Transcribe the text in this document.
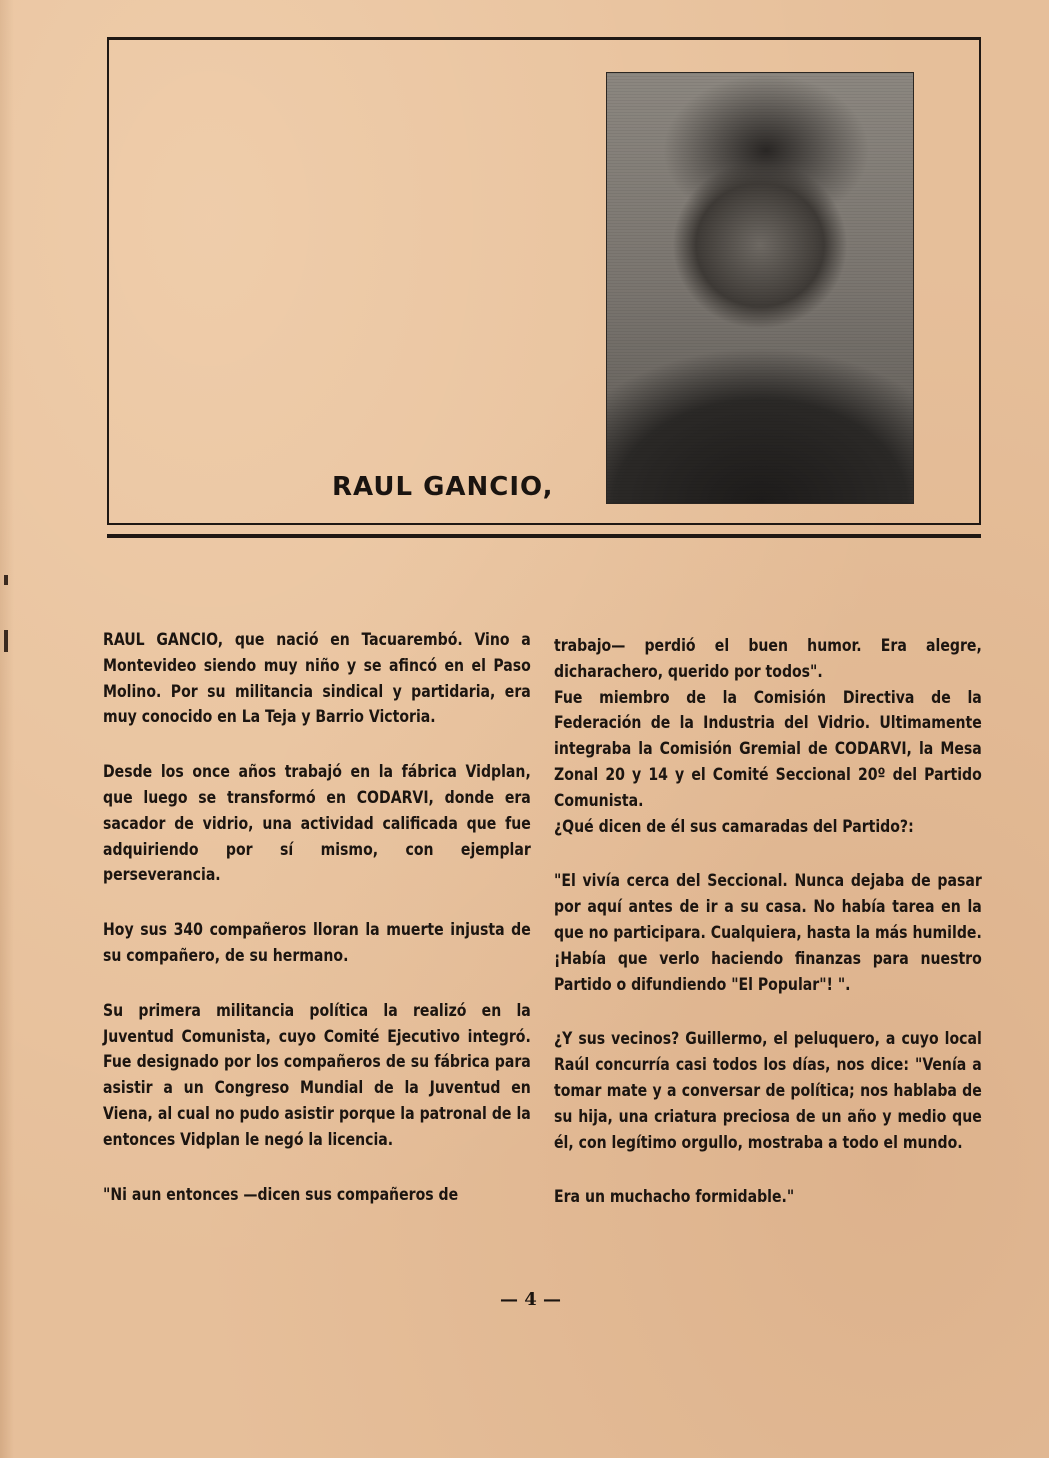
RAUL GANCIO,

RAUL GANCIO, que nació en Tacuarembó. Vino a Montevideo siendo muy niño y se afincó en el Paso Molino. Por su militancia sindical y partidaria, era muy conocido en La Teja y Barrio Victoria.

Desde los once años trabajó en la fábrica Vidplan, que luego se transformó en CODARVI, donde era sacador de vidrio, una actividad calificada que fue adquiriendo por sí mismo, con ejemplar perseverancia.

Hoy sus 340 compañeros lloran la muerte injusta de su compañero, de su hermano.

Su primera militancia política la realizó en la Juventud Comunista, cuyo Comité Ejecutivo integró. Fue designado por los compañeros de su fábrica para asistir a un Congreso Mundial de la Juventud en Viena, al cual no pudo asistir porque la patronal de la entonces Vidplan le negó la licencia.

"Ni aun entonces —dicen sus compañeros de

trabajo— perdió el buen humor. Era alegre, dicharachero, querido por todos".

Fue miembro de la Comisión Directiva de la Federación de la Industria del Vidrio. Ultimamente integraba la Comisión Gremial de CODARVI, la Mesa Zonal 20 y 14 y el Comité Seccional 20º del Partido Comunista.

¿Qué dicen de él sus camaradas del Partido?:

"El vivía cerca del Seccional. Nunca dejaba de pasar por aquí antes de ir a su casa. No había tarea en la que no participara. Cualquiera, hasta la más humilde. ¡Había que verlo haciendo finanzas para nuestro Partido o difundiendo "El Popular"! ".

¿Y sus vecinos? Guillermo, el peluquero, a cuyo local Raúl concurría casi todos los días, nos dice: "Venía a tomar mate y a conversar de política; nos hablaba de su hija, una criatura preciosa de un año y medio que él, con legítimo orgullo, mostraba a todo el mundo.

Era un muchacho formidable."

— 4 —
